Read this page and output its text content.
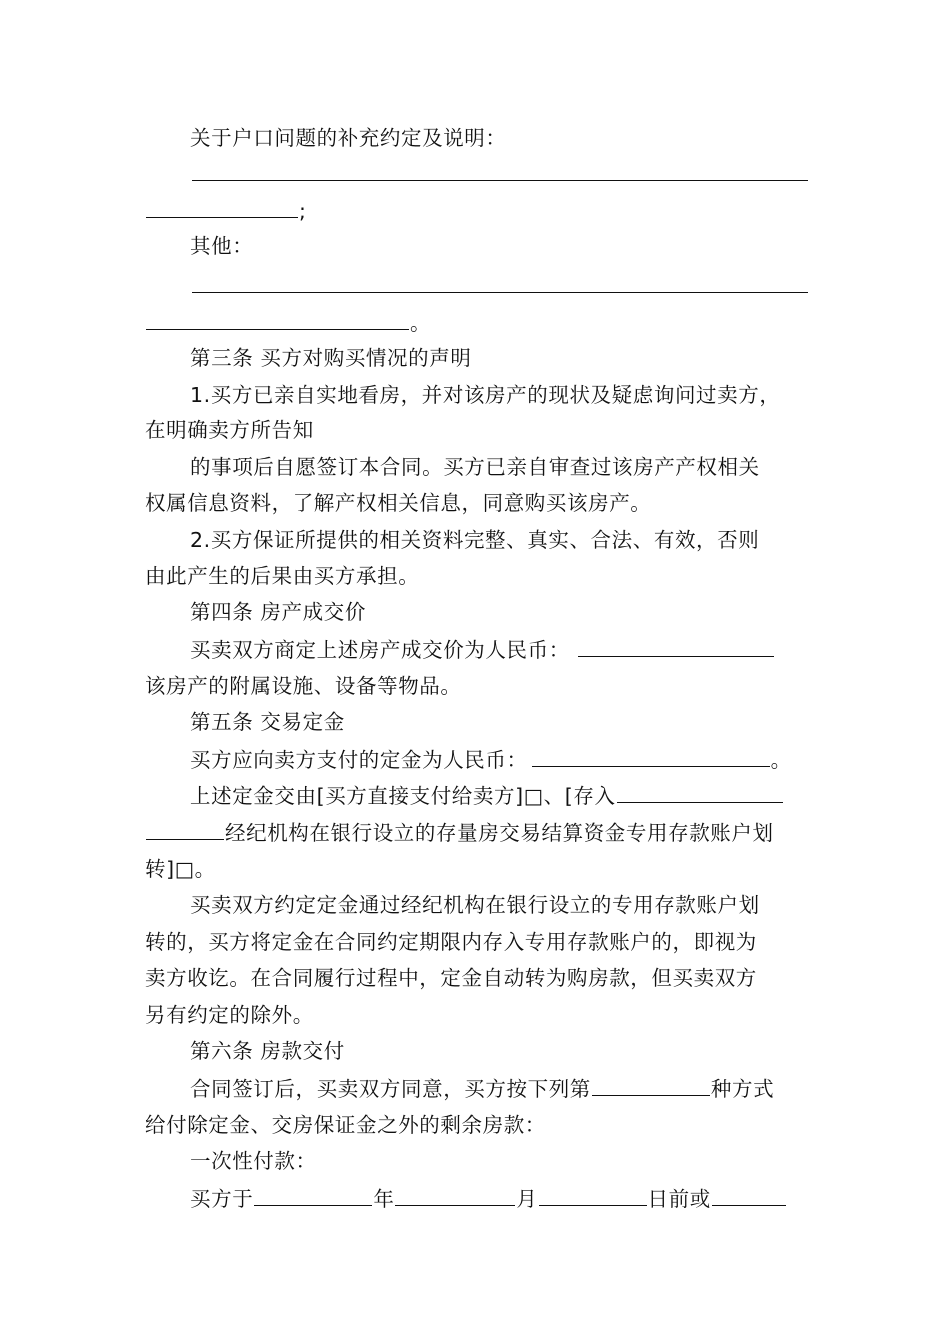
关于户口问题的补充约定及说明：
;
其他：
。
第三条 买方对购买情况的声明
1.买方已亲自实地看房，并对该房产的现状及疑虑询问过卖方，
在明确卖方所告知
的事项后自愿签订本合同。买方已亲自审查过该房产产权相关
权属信息资料，了解产权相关信息，同意购买该房产。
2.买方保证所提供的相关资料完整、真实、合法、有效，否则
由此产生的后果由买方承担。
第四条 房产成交价
买卖双方商定上述房产成交价为人民币：
该房产的附属设施、设备等物品。
第五条 交易定金
买方应向卖方支付的定金为人民币：	。
上述定金交由[买方直接支付给卖方]□、[存入
经纪机构在银行设立的存量房交易结算资金专用存款账户划
转]□。
买卖双方约定定金通过经纪机构在银行设立的专用存款账户划
转的，买方将定金在合同约定期限内存入专用存款账户的，即视为
卖方收讫。在合同履行过程中，定金自动转为购房款，但买卖双方
另有约定的除外。
第六条 房款交付
合同签订后，买卖双方同意，买方按下列第	种方式
给付除定金、交房保证金之外的剩余房款：
一次性付款：
买方于	年	月	日前或
